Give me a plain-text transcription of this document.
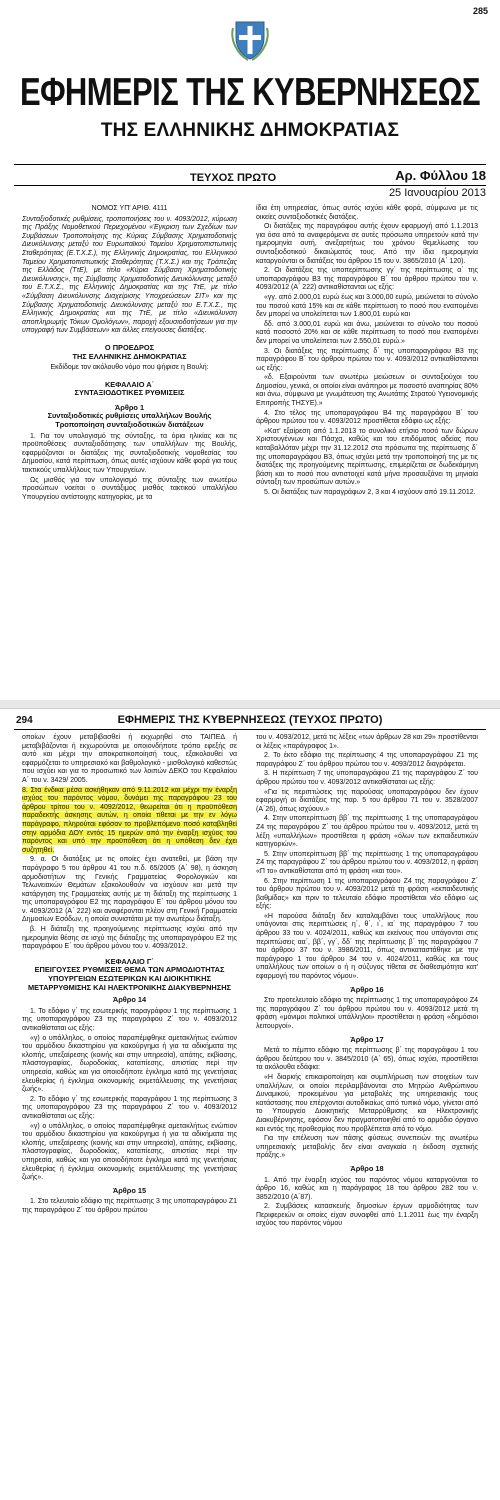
285
ΕΦΗΜΕΡΙΣ ΤΗΣ ΚΥΒΕΡΝΗΣΕΩΣ
ΤΗΣ ΕΛΛΗΝΙΚΗΣ ΔΗΜΟΚΡΑΤΙΑΣ
ΤΕΥΧΟΣ ΠΡΩΤΟ	Αρ. Φύλλου 18
25 Ιανουαρίου 2013

ΝΟΜΟΣ ΥΠ' ΑΡΙΘ. 4111

Συνταξιοδοτικές ρυθμίσεις, τροποποιήσεις του ν. 4093/2012, κύρωση της Πράξης Νομοθετικού Περιεχομένου «Έγκριση των Σχεδίων των Συμβάσεων Τροποποίησης της Κύριας Σύμβασης Χρηματοδοτικής Διευκόλυνσης μεταξύ του Ευρωπαϊκού Ταμείου Χρηματοπιστωτικής Σταθερότητας (Ε.Τ.Χ.Σ.), της Ελληνικής Δημοκρατίας, του Ελληνικού Ταμείου Χρηματοπιστωτικής Σταθερότητας (Τ.Χ.Σ.) και της Τράπεζας της Ελλάδος (ΤτΕ), με τίτλο «Κύρια Σύμβαση Χρηματοδοτικής Διευκόλυνσης», της Σύμβασης Χρηματοδοτικής Διευκόλυνσης μεταξύ του Ε.Τ.Χ.Σ., της Ελληνικής Δημοκρατίας και της ΤτΕ, με τίτλο «Σύμβαση Διευκόλυνσης Διαχείρισης Υποχρεώσεων ΣΙΤ» και της Σύμβασης Χρηματοδοτικής Διευκόλυνσης μεταξύ του Ε.Τ.Χ.Σ., της Ελληνικής Δημοκρατίας και της ΤτΕ, με τίτλο «Διευκόλυνση αποπληρωμής Τόκων Ομολόγων», παροχή εξουσιοδοτήσεων για την υπογραφή των Συμβάσεων» και άλλες επείγουσες διατάξεις.

Ο ΠΡΟΕΔΡΟΣ

ΤΗΣ ΕΛΛΗΝΙΚΗΣ ΔΗΜΟΚΡΑΤΙΑΣ

Εκδίδομε τον ακόλουθο νόμο που ψήφισε η Βουλή:

ΚΕΦΑΛΑΙΟ Α΄

ΣΥΝΤΑΞΙΟΔΟΤΙΚΕΣ ΡΥΘΜΙΣΕΙΣ

Άρθρο 1

Συνταξιοδοτικές ρυθμίσεις υπαλλήλων Βουλής Τροποποίηση συνταξιοδοτικών διατάξεων

1. Για τον υπολογισμό της σύνταξης, τα όρια ηλικίας και τις προϋποθέσεις συνταξιοδότησης των υπαλλήλων της Βουλής, εφαρμόζονται οι διατάξεις της συνταξιοδοτικής νομοθεσίας του Δημοσίου, κατά περίπτωση, όπως αυτές ισχύουν κάθε φορά για τους τακτικούς υπαλλήλους των Υπουργείων.

Ως μισθός για τον υπολογισμό της σύνταξης των ανωτέρω προσώπων νοείται ο συντάξιμος μισθός τακτικού υπαλλήλου Υπουργείου αντίστοιχης κατηγορίας, με τα

ίδια έτη υπηρεσίας, όπως αυτός ισχύει κάθε φορά, σύμφωνα με τις οικείες συνταξιοδοτικές διατάξεις.

Οι διατάξεις της παραγράφου αυτής έχουν εφαρμογή από 1.1.2013 για όσα από τα αναφερόμενα σε αυτές πρόσωπα υπηρετούν κατά την ημερομηνία αυτή, ανεξαρτήτως του χρόνου θεμελίωσης του συνταξιοδοτικού δικαιώματός τους. Από την ίδια ημερομηνία καταργούνται οι διατάξεις του άρθρου 15 του ν. 3865/2010 (Α΄ 120).

2. Οι διατάξεις της υποπερίπτωσης γγ΄ της περίπτωσης α΄ της υποπαραγράφου Β3 της παραγράφου Β΄ του άρθρου πρώτου του ν. 4093/2012 (Α΄ 222) αντικαθίστανται ως εξής:

«γγ. από 2.000,01 ευρώ έως και 3.000,00 ευρώ, μειώνεται το σύνολο του ποσού κατά 15% και σε κάθε περίπτωση το ποσό που εναπομένει δεν μπορεί να υπολείπεται των 1.800,01 ευρώ και

δδ. από 3.000,01 ευρώ και άνω, μειώνεται το σύνολο του ποσού κατά ποσοστό 20% και σε κάθε περίπτωση το ποσό που εναπομένει δεν μπορεί να υπολείπεται των 2.550,01 ευρώ.»

3. Οι διατάξεις της περίπτωσης δ΄ της υποπαραγράφου Β3 της παραγράφου Β΄ του άρθρου πρώτου του ν. 4093/2012 αντικαθίστανται ως εξής:

«δ. Εξαιρούνται των ανωτέρω μειώσεων οι συνταξιούχοι του Δημοσίου, γενικά, οι οποίοι είναι ανάπηροι με ποσοστό αναπηρίας 80% και άνω, σύμφωνα με γνωμάτευση της Ανωτάτης Στρατού Υγειονομικής Επιτροπής ΤΗΣΥΕ).»

4. Στο τέλος της υποπαραγράφου Β4 της παραγράφου Β΄ του άρθρου πρώτου του ν. 4093/2012 προστίθεται εδάφιο ως εξής:

«Κατ' εξαίρεση από 1.1.2013 το συνολικό ετήσιο ποσό των δώρων Χριστουγέννων και Πάσχα, καθώς και του επιδόματος αδείας που καταβαλλόταν μέχρι την 31.12.2012 στα πρόσωπα της περίπτωσης δ΄ της υποπαραγράφου Β3, όπως ισχύει μετά την τροποποίησή της με τις διατάξεις της προηγούμενης περίπτωσης, επιμερίζεται σε δωδεκάμηνη βάση και το ποσό που αντιστοιχεί κατά μήνα προσαυξάνει τη μηνιαία σύνταξη των προσώπων αυτών.»

5. Οι διατάξεις των παραγράφων 2, 3 και 4 ισχύουν από 19.11.2012.

294	ΕΦΗΜΕΡΙΣ ΤΗΣ ΚΥΒΕΡΝΗΣΕΩΣ (ΤΕΥΧΟΣ ΠΡΩΤΟ)

οποίων έχουν μεταβιβασθεί ή εκχωρηθεί στο ΤΑΙΠΕΔ ή μεταβιβάζονται ή εκχωρούνται με οποιονδήποτε τρόπο εφεξής σε αυτό και μέχρι την αποκρατικοποίησή τους, εξακολουθεί να εφαρμόζεται το υπηρεσιακό και βαθμολογικό - μισθολογικό καθεστώς που ισχύει και για το προσωπικό των λοιπών ΔΕΚΟ του Κεφαλαίου Α΄ του ν. 3429/ 2005.

8. Στα ένδικα μέσα ασκήθηκαν από 9.11.2012 και μέχρι την έναρξη ισχύος του παρόντος νόμου, δυνάμει της παραγράφου 23 του άρθρου τρίτου του ν. 4092/2012, θεωρείται ότι η προϋπόθεση παραδεκτής άσκησης αυτών, η οποία τίθεται με την εν λόγω παράγραφο, πληρούται εφόσον το προβλεπόμενο ποσό καταβληθεί στην αρμόδια ΔΟΥ εντός 15 ημερών από την έναρξη ισχύος του παρόντος και υπό την προϋπόθεση ότι η υπόθεση δεν έχει συζητηθεί.

9. α. Οι διατάξεις με τις οποίες έχει ανατεθεί, με βάση την παράγραφο 5 του άρθρου 41 του π.δ. 65/2005 (Α΄ 98), η άσκηση αρμοδιοτήτων της Γενικής Γραμματείας Φορολογικών και Τελωνειακών Θεμάτων εξακολουθούν να ισχύουν και μετά την κατάργηση της Γραμματείας αυτής με τη διάταξη της περίπτωσης 1 της υποπαραγράφου Ε2 της παραγράφου Ε΄ του άρθρου μόνου του ν. 4093/2012 (Α΄ 222) και αναφέρονται πλέον στη Γενική Γραμματεία Δημοσίων Εσόδων, η οποία συνιστάται με την ανωτέρω διάταξη.

β. Η διάταξη της προηγούμενης περίπτωσης ισχύει από την ημερομηνία θέσης σε ισχύ της διάταξης της υποπαραγράφου Ε2 της παραγράφου Ε΄ του άρθρου μόνου του ν. 4093/2012.

ΚΕΦΑΛΑΙΟ Γ΄

ΕΠΕΙΓΟΥΣΕΣ ΡΥΘΜΙΣΕΙΣ ΘΕΜΑ ΤΩΝ ΑΡΜΟΔΙΟΤΗΤΑΣ ΥΠΟΥΡΓΕΙΩΝ ΕΣΩΤΕΡΙΚΩΝ ΚΑΙ ΔΙΟΙΚΗΤΙΚΗΣ ΜΕΤΑΡΡΥΘΜΙΣΗΣ ΚΑΙ ΗΛΕΚΤΡΟΝΙΚΗΣ ΔΙΑΚΥΒΕΡΝΗΣΗΣ

Άρθρο 14

1. Το εδάφιο γ΄ της εσωτερικής παραγράφου 1 της περίπτωσης 1 της υποπαραγράφου Ζ3 της παραγράφου Ζ΄ του ν. 4093/2012 αντικαθίσταται ως εξής:

«γ) ο υπάλληλος, ο οποίος παραπέμφθηκε αμετακλήτως ενώπιον του αρμόδιου δικαστηρίου για κακούργημα ή για τα αδικήματα της κλοπής, υπεξαίρεσης (κοινής και στην υπηρεσία), απάτης, εκβίασης, πλαστογραφίας, δωροδοκίας, καταπίεσης, απιστίας περί την υπηρεσία, καθώς και για οποιοδήποτε έγκλημα κατά της γενετήσιας ελευθερίας ή έγκλημα οικονομικής εκμετάλλευσης της γενετήσιας ζωής».

2. Το εδάφιο γ΄ της εσωτερικής παραγράφου 1 της περίπτωσης 3 της υποπαραγράφου Ζ3 της παραγράφου Ζ΄ του ν. 4093/2012 αντικαθίσταται ως εξής:

«γ) ο υπάλληλος, ο οποίος παραπέμφθηκε αμετακλήτως ενώπιον του αρμόδιου δικαστηρίου για κακούργημα ή για τα αδικήματα της κλοπής, υπεξαίρεσης (κοινής και στην υπηρεσία), απάτης, εκβίασης, πλαστογραφίας, δωροδοκίας, καταπίεσης, απιστίας περί την υπηρεσία, καθώς και για οποιοδήποτε έγκλημα κατά της γενετήσιας ελευθερίας ή έγκλημα οικονομικής εκμετάλλευσης της γενετήσιας ζωής».

Άρθρο 15

1. Στο τελευταίο εδάφιο της περίπτωσης 3 της υποπαραγράφου Ζ1 της παραγράφου Ζ΄ του άρθρου πρώτου

του ν. 4093/2012, μετά τις λέξεις «των άρθρων 28 και 29» προστίθενται οι λέξεις «παράγραφος 1».

2. Το έκτο εδάφιο της περίπτωσης 4 της υποπαραγράφου Ζ1 της παραγράφου Ζ΄ του άρθρου πρώτου του ν. 4093/2012 διαγράφεται.

3. Η περίπτωση 7 της υποπαραγράφου Ζ1 της παραγράφου Ζ΄ του άρθρου πρώτου του ν. 4093/2012 αντικαθίσταται ως εξής:

«Για τις περιπτώσεις της παρούσας υποπαραγράφου δεν έχουν εφαρμογή οι διατάξεις της παρ. 5 του άρθρου 71 του ν. 3528/2007 (Α΄26), όπως ισχύουν.»

4. Στην υποπερίπτωση ββ΄ της περίπτωσης 1 της υποπαραγράφου Ζ4 της παραγράφου Ζ΄ του άρθρου πρώτου του ν. 4093/2012, μετά τη λέξη «υπαλλήλων» προστίθεται η φράση «όλων των εκπαιδευτικών κατηγοριών».

5. Στην υποπερίπτωση ββ΄ της περίπτωσης 1 της υποπαραγράφου Ζ4 της παραγράφου Ζ΄ του άρθρου πρώτου του ν. 4093/2012, η φράση «Π το» αντικαθίσταται από τη φράση «και του».

6. Στην περίπτωση 1 της υποπαραγράφου Ζ4 της παραγράφου Ζ΄ του άρθρου πρώτου του ν. 4093/2012 μετά τη φράση «εκπαιδευτικής βαθμίδας» και πριν το τελευταίο εδάφιο προστίθεται νέο εδάφιο ως εξής:

«Η παρούσα διάταξη δεν καταλαμβάνει τους υπαλλήλους που υπάγονται στις περιπτώσεις η΄, θ΄, ι΄, ια΄ της παραγράφου 7 του άρθρου 33 του ν. 4024/2011, καθώς και εκείνους που υπάγονται στις περιπτώσεις αα΄, ββ΄, γγ΄, δδ΄ της περίπτωσης β΄ της παραγράφου 7 του άρθρου 37 του ν. 3986/2011, όπως αντικαταστάθηκε με την παράγραφο 1 του άρθρου 34 του ν. 4024/2011, καθώς και τους υπαλλήλους των οποίων ο ή η σύζυγος τίθεται σε διαθεσιμότητα κατ' εφαρμογή του παρόντος νόμου».

Άρθρο 16

Στο προτελευταίο εδάφιο της περίπτωσης 1 της υποπαραγράφου Ζ4 της παραγράφου Ζ΄ του άρθρου πρώτου του ν. 4093/2012 μετά τη φράση «μόνιμοι πολιτικοί υπάλληλοι» προστίθεται η φράση «δημόσιοι λειτουργοί».

Άρθρο 17

Μετά το πέμπτο εδάφιο της περίπτωσης β΄ της παραγράφου 1 του άρθρου δεύτερου του ν. 3845/2010 (Α΄ 65), όπως ισχύει, προστίθεται τα ακόλουθα εδάφια:

«Η διαρκής επικαιροποίηση και συμπλήρωση των στοιχείων των υπαλλήλων, οι οποίοι περιλαμβάνονται στο Μητρώο Ανθρώπινου Δυναμικού, προκειμένου για μεταβολές της υπηρεσιακής τους κατάστασης που επέρχονται αυτοδικαίως από τυπικό νόμο, γίνεται από το Υπουργείο Διοικητικής Μεταρρύθμισης και Ηλεκτρονικής Διακυβέρνησης, εφόσον δεν πραγματοποιηθεί από το αρμόδιο όργανο και εντός της προθεσμίας που προβλέπεται από το νόμο.

Για την επέλευση των πάσης φύσεως συνεπειών της ανωτέρω υπηρεσιακής μεταβολής δεν είναι αναγκαία η έκδοση σχετικής πράξης.»

Άρθρο 18

1. Από την έναρξη ισχύος του παρόντος νόμου καταργούνται το άρθρο 16, καθώς και η παράγραφος 18 του άρθρου 282 του ν. 3852/2010 (Α΄87).

2. Συμβάσεις κατασκευής δημοσίων έργων αρμοδιότητας των Περιφερειών οι οποίες είχαν συναφθεί από 1.1.2011 έως την έναρξη ισχύος του παρόντος νόμου
